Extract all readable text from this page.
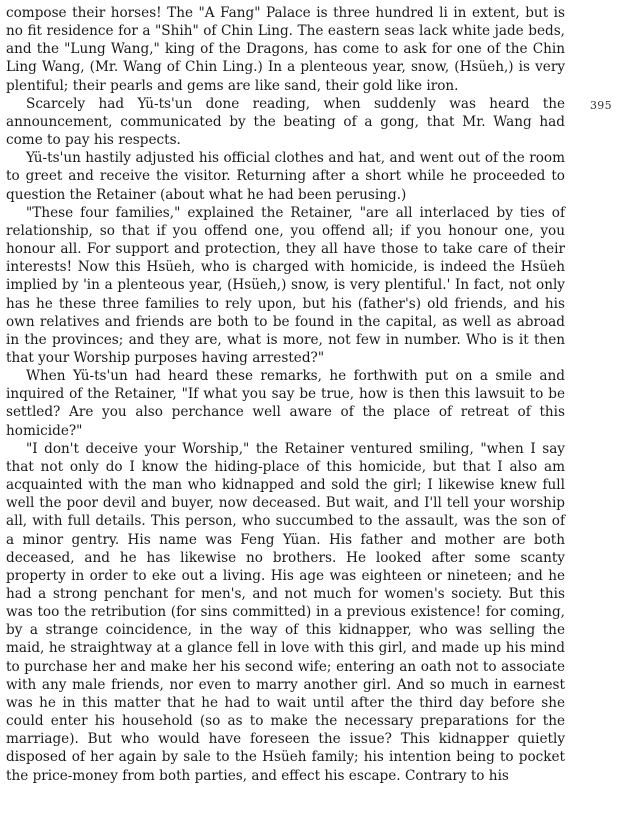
compose their horses! The "A Fang" Palace is three hundred li in extent, but is no fit residence for a "Shih" of Chin Ling. The eastern seas lack white jade beds, and the "Lung Wang," king of the Dragons, has come to ask for one of the Chin Ling Wang, (Mr. Wang of Chin Ling.) In a plenteous year, snow, (Hsüeh,) is very plentiful; their pearls and gems are like sand, their gold like iron.

Scarcely had Yü-ts'un done reading, when suddenly was heard the announcement, communicated by the beating of a gong, that Mr. Wang had come to pay his respects.

Yü-ts'un hastily adjusted his official clothes and hat, and went out of the room to greet and receive the visitor. Returning after a short while he proceeded to question the Retainer (about what he had been perusing.)

"These four families," explained the Retainer, "are all interlaced by ties of relationship, so that if you offend one, you offend all; if you honour one, you honour all. For support and protection, they all have those to take care of their interests! Now this Hsüeh, who is charged with homicide, is indeed the Hsüeh implied by 'in a plenteous year, (Hsüeh,) snow, is very plentiful.' In fact, not only has he these three families to rely upon, but his (father's) old friends, and his own relatives and friends are both to be found in the capital, as well as abroad in the provinces; and they are, what is more, not few in number. Who is it then that your Worship purposes having arrested?"

When Yü-ts'un had heard these remarks, he forthwith put on a smile and inquired of the Retainer, "If what you say be true, how is then this lawsuit to be settled? Are you also perchance well aware of the place of retreat of this homicide?"

"I don't deceive your Worship," the Retainer ventured smiling, "when I say that not only do I know the hiding-place of this homicide, but that I also am acquainted with the man who kidnapped and sold the girl; I likewise knew full well the poor devil and buyer, now deceased. But wait, and I'll tell your worship all, with full details. This person, who succumbed to the assault, was the son of a minor gentry. His name was Feng Yüan. His father and mother are both deceased, and he has likewise no brothers. He looked after some scanty property in order to eke out a living. His age was eighteen or nineteen; and he had a strong penchant for men's, and not much for women's society. But this was too the retribution (for sins committed) in a previous existence! for coming, by a strange coincidence, in the way of this kidnapper, who was selling the maid, he straightway at a glance fell in love with this girl, and made up his mind to purchase her and make her his second wife; entering an oath not to associate with any male friends, nor even to marry another girl. And so much in earnest was he in this matter that he had to wait until after the third day before she could enter his household (so as to make the necessary preparations for the marriage). But who would have foreseen the issue? This kidnapper quietly disposed of her again by sale to the Hsüeh family; his intention being to pocket the price-money from both parties, and effect his escape. Contrary to his

395
